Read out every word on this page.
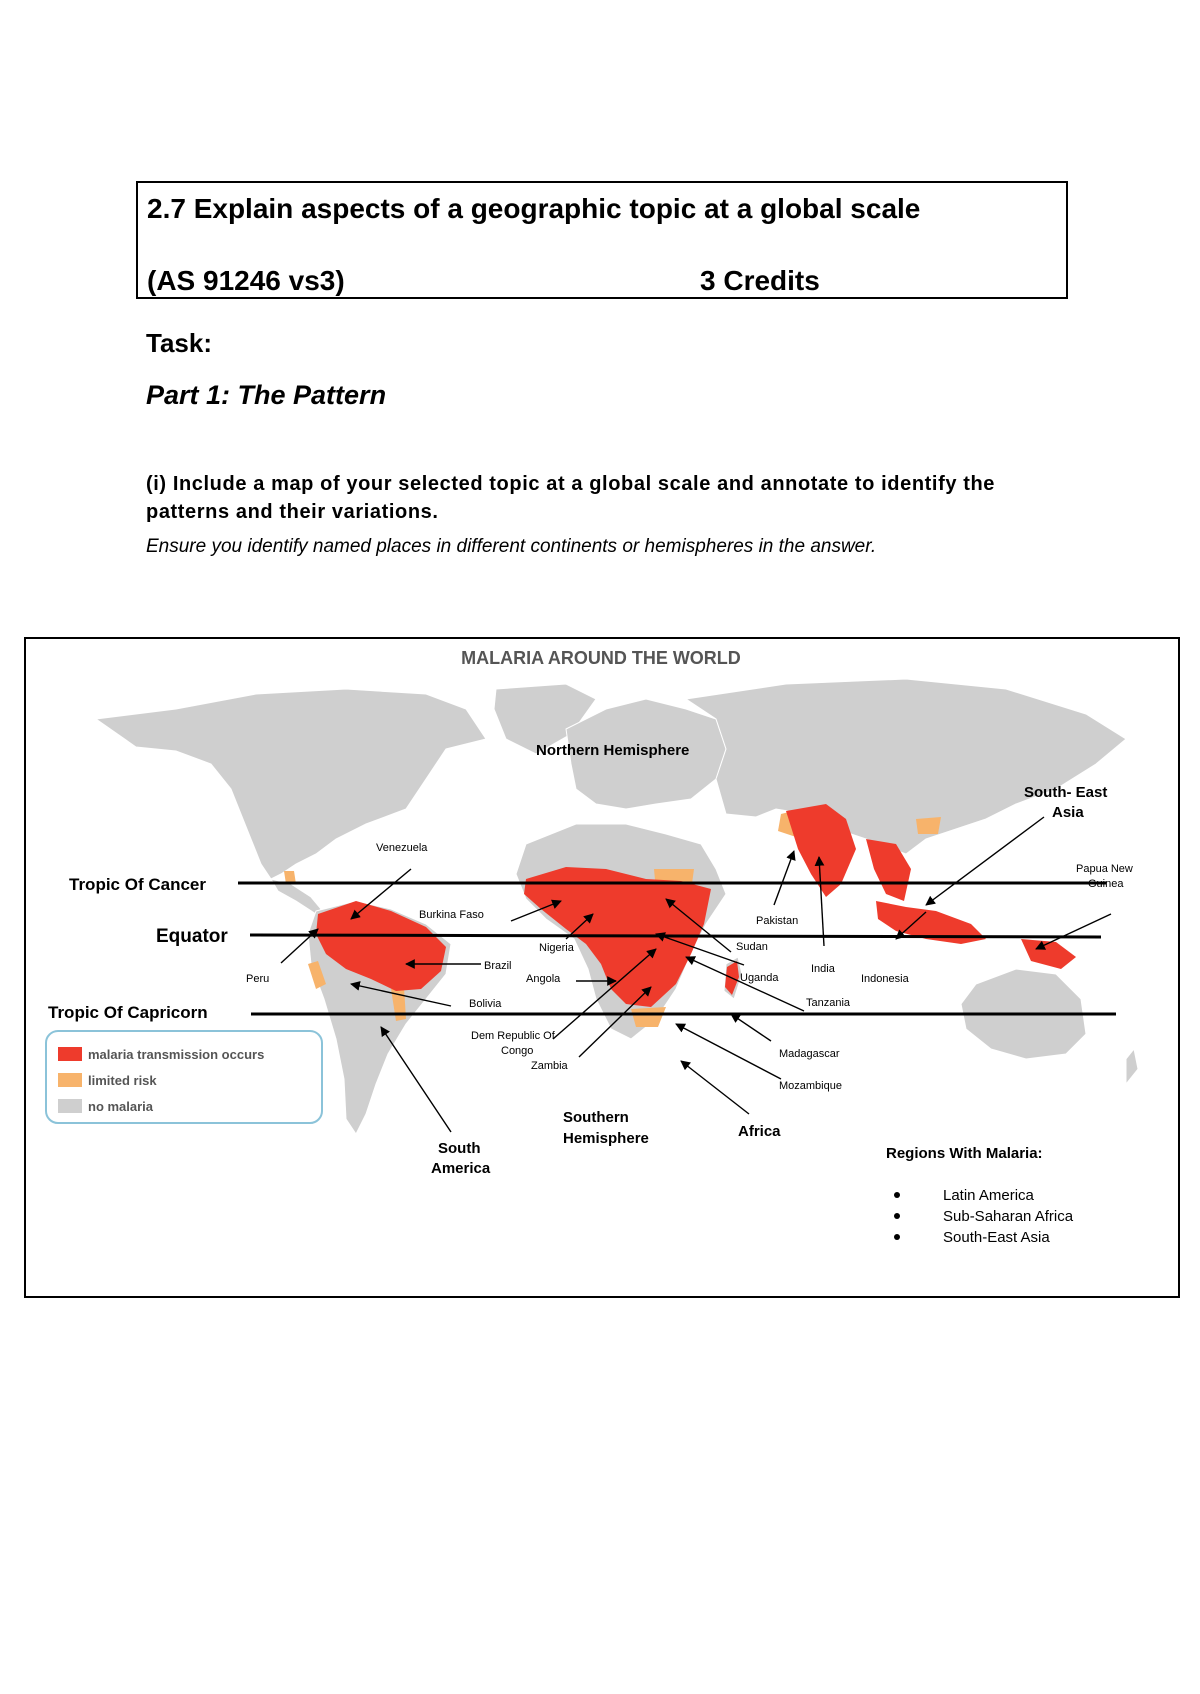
2.7 Explain aspects of a geographic topic at a global scale
(AS 91246 vs3)	3 Credits
Task:
Part 1: The Pattern
(i) Include a map of your selected topic at a global scale and annotate to identify the patterns and their variations.
Ensure you identify named places in different continents or hemispheres in the answer.
MALARIA AROUND THE WORLD
Tropic Of Cancer
Equator
Tropic Of Capricorn
Northern Hemisphere
Southern
Hemisphere
Venezuela
Burkina Faso
Nigeria
Brazil
Peru	Angola
Bolivia
Dem Republic Of
Congo
Zambia
Pakistan
Sudan
Uganda
India
Indonesia
Tanzania
Madagascar
Mozambique
Papua New
Guinea
South
America
Africa
South- East
Asia
malaria transmission occurs
limited risk
no malaria
Regions With Malaria:
Latin America
Sub-Saharan Africa
South-East Asia
